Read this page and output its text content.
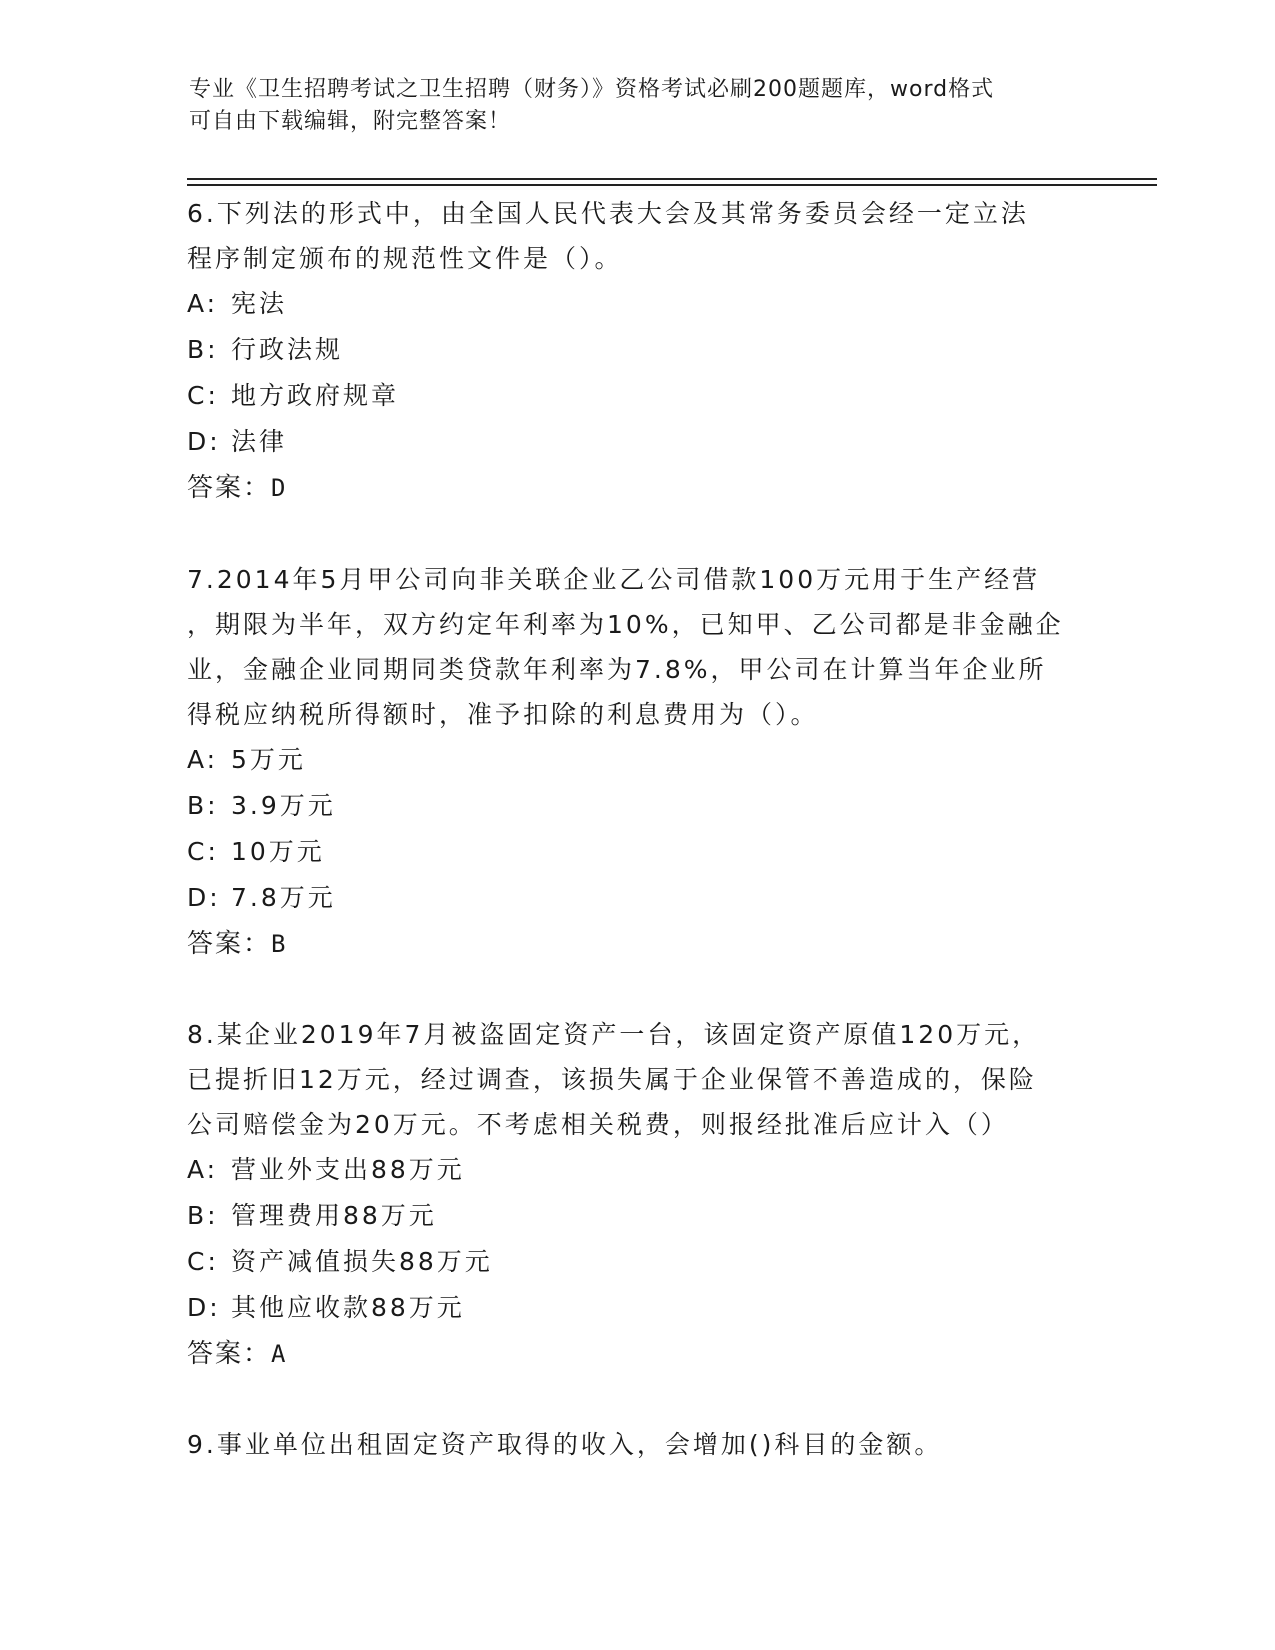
专业《卫生招聘考试之卫生招聘（财务）》资格考试必刷200题题库，word格式
可自由下载编辑，附完整答案！
6.下列法的形式中，由全国人民代表大会及其常务委员会经一定立法
程序制定颁布的规范性文件是（）。
A: 宪法
B: 行政法规
C: 地方政府规章
D: 法律
答案：D
7.2014年5月甲公司向非关联企业乙公司借款100万元用于生产经营
，期限为半年，双方约定年利率为10%，已知甲、乙公司都是非金融企
业，金融企业同期同类贷款年利率为7.8%，甲公司在计算当年企业所
得税应纳税所得额时，准予扣除的利息费用为（）。
A: 5万元
B: 3.9万元
C: 10万元
D: 7.8万元
答案：B
8.某企业2019年7月被盗固定资产一台，该固定资产原值120万元，
已提折旧12万元，经过调查，该损失属于企业保管不善造成的，保险
公司赔偿金为20万元。不考虑相关税费，则报经批准后应计入（）
A: 营业外支出88万元
B: 管理费用88万元
C: 资产减值损失88万元
D: 其他应收款88万元
答案：A
9.事业单位出租固定资产取得的收入，会增加()科目的金额。
